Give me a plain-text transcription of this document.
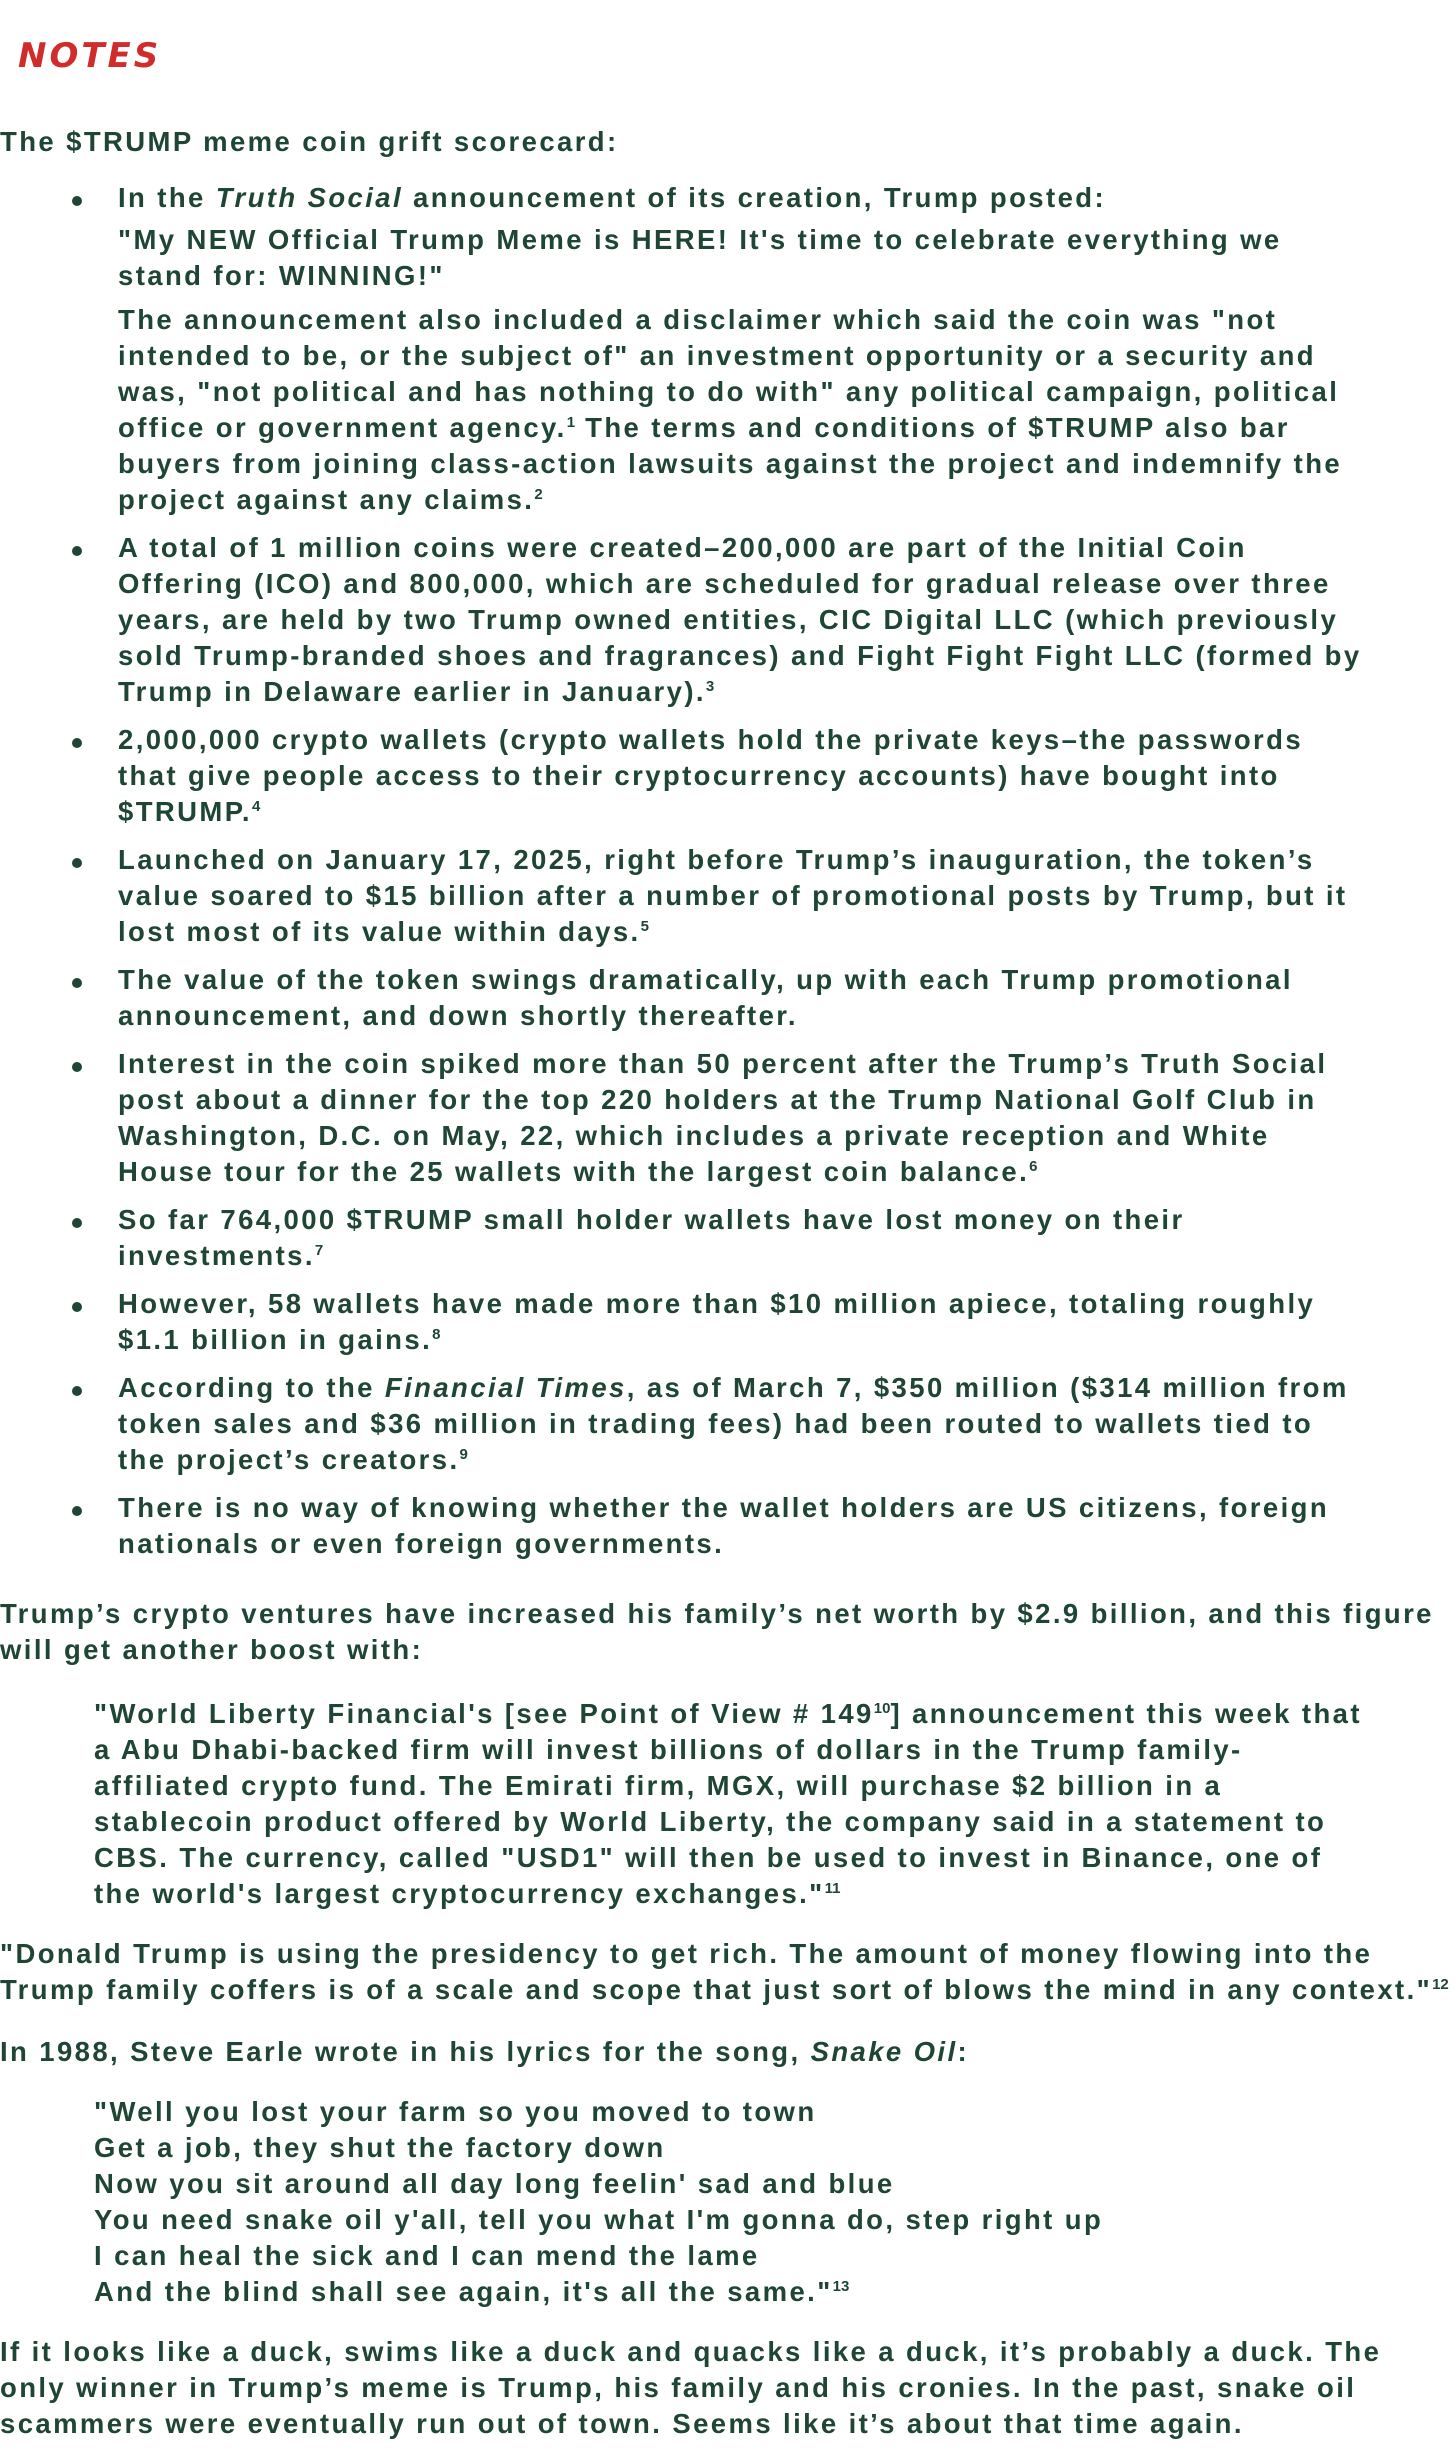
NOTES
The $TRUMP meme coin grift scorecard:
In the Truth Social announcement of its creation, Trump posted:
"My NEW Official Trump Meme is HERE! It's time to celebrate everything we stand for: WINNING!"
The announcement also included a disclaimer which said the coin was "not intended to be, or the subject of" an investment opportunity or a security and was, "not political and has nothing to do with" any political campaign, political office or government agency.$^1$ The terms and conditions of $TRUMP also bar buyers from joining class-action lawsuits against the project and indemnify the project against any claims.$^2$
A total of 1 million coins were created–200,000 are part of the Initial Coin Offering (ICO) and 800,000, which are scheduled for gradual release over three years, are held by two Trump owned entities, CIC Digital LLC (which previously sold Trump-branded shoes and fragrances) and Fight Fight Fight LLC (formed by Trump in Delaware earlier in January).$^3$
2,000,000 crypto wallets (crypto wallets hold the private keys–the passwords that give people access to their cryptocurrency accounts) have bought into $TRUMP.$^4$
Launched on January 17, 2025, right before Trump’s inauguration, the token’s value soared to $15 billion after a number of promotional posts by Trump, but it lost most of its value within days.$^5$
The value of the token swings dramatically, up with each Trump promotional announcement, and down shortly thereafter.
Interest in the coin spiked more than 50 percent after the Trump’s Truth Social post about a dinner for the top 220 holders at the Trump National Golf Club in Washington, D.C. on May, 22, which includes a private reception and White House tour for the 25 wallets with the largest coin balance.$^6$
So far 764,000 $TRUMP small holder wallets have lost money on their investments.$^7$
However, 58 wallets have made more than $10 million apiece, totaling roughly $1.1 billion in gains.$^8$
According to the Financial Times, as of March 7, $350 million ($314 million from token sales and $36 million in trading fees) had been routed to wallets tied to the project’s creators.$^9$
There is no way of knowing whether the wallet holders are US citizens, foreign nationals or even foreign governments.
Trump’s crypto ventures have increased his family’s net worth by $2.9 billion, and this figure will get another boost with:
"World Liberty Financial's [see Point of View # $149^{10}$] announcement this week that a Abu Dhabi-backed firm will invest billions of dollars in the Trump family-affiliated crypto fund. The Emirati firm, MGX, will purchase $2 billion in a stablecoin product offered by World Liberty, the company said in a statement to CBS. The currency, called "USD1" will then be used to invest in Binance, one of the world's largest cryptocurrency exchanges."$^{11}$
"Donald Trump is using the presidency to get rich. The amount of money flowing into the Trump family coffers is of a scale and scope that just sort of blows the mind in any context."$^{12}$
In 1988, Steve Earle wrote in his lyrics for the song, Snake Oil:
"Well you lost your farm so you moved to town
Get a job, they shut the factory down
Now you sit around all day long feelin' sad and blue
You need snake oil y'all, tell you what I'm gonna do, step right up
I can heal the sick and I can mend the lame
And the blind shall see again, it's all the same."$^{13}$
If it looks like a duck, swims like a duck and quacks like a duck, it’s probably a duck. The only winner in Trump’s meme is Trump, his family and his cronies. In the past, snake oil scammers were eventually run out of town. Seems like it’s about that time again.
